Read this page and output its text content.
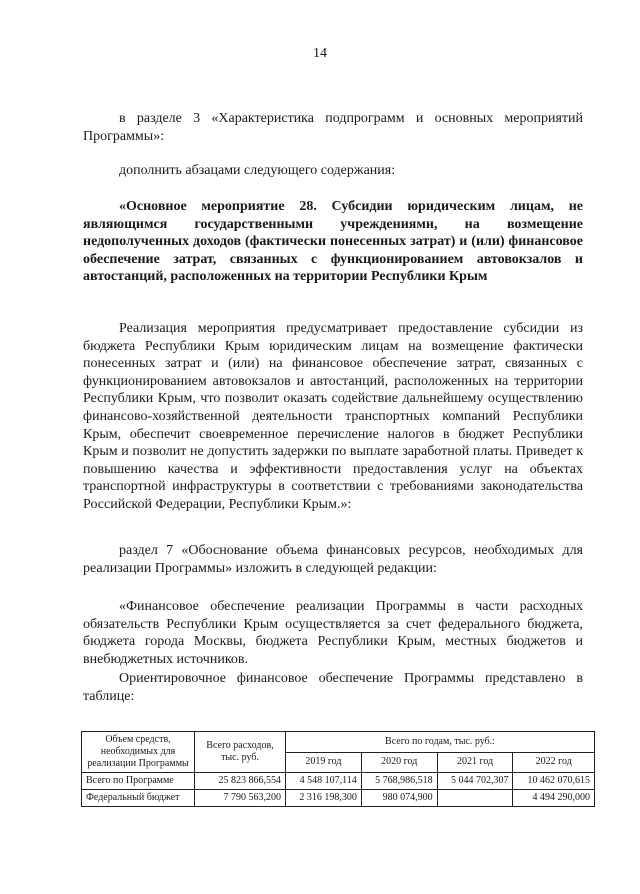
14

в разделе 3 «Характеристика подпрограмм и основных мероприятий Программы»:

дополнить абзацами следующего содержания:

«Основное мероприятие 28. Субсидии юридическим лицам, не являющимся государственными учреждениями, на возмещение недополученных доходов (фактически понесенных затрат) и (или) финансовое обеспечение затрат, связанных с функционированием автовокзалов и автостанций, расположенных на территории Республики Крым

Реализация мероприятия предусматривает предоставление субсидии из бюджета Республики Крым юридическим лицам на возмещение фактически понесенных затрат и (или) на финансовое обеспечение затрат, связанных с функционированием автовокзалов и автостанций, расположенных на территории Республики Крым, что позволит оказать содействие дальнейшему осуществлению финансово-хозяйственной деятельности транспортных компаний Республики Крым, обеспечит своевременное перечисление налогов в бюджет Республики Крым и позволит не допустить задержки по выплате заработной платы. Приведет к повышению качества и эффективности предоставления услуг на объектах транспортной инфраструктуры в соответствии с требованиями законодательства Российской Федерации, Республики Крым.»:

раздел 7 «Обоснование объема финансовых ресурсов, необходимых для реализации Программы» изложить в следующей редакции:

«Финансовое обеспечение реализации Программы в части расходных обязательств Республики Крым осуществляется за счет федерального бюджета, бюджета города Москвы, бюджета Республики Крым, местных бюджетов и внебюджетных источников.

Ориентировочное финансовое обеспечение Программы представлено в таблице:

Объем средств, необходимых для реализации Программы	Всего расходов, тыс. руб.	Всего по годам, тыс. руб.:			
		2019 год	2020 год	2021 год	2022 год
Всего по Программе	25 823 866,554	4 548 107,114	5 768,986,518	5 044 702,307	10 462 070,615
Федеральный бюджет	7 790 563,200	2 316 198,300	980 074,900		4 494 290,000
